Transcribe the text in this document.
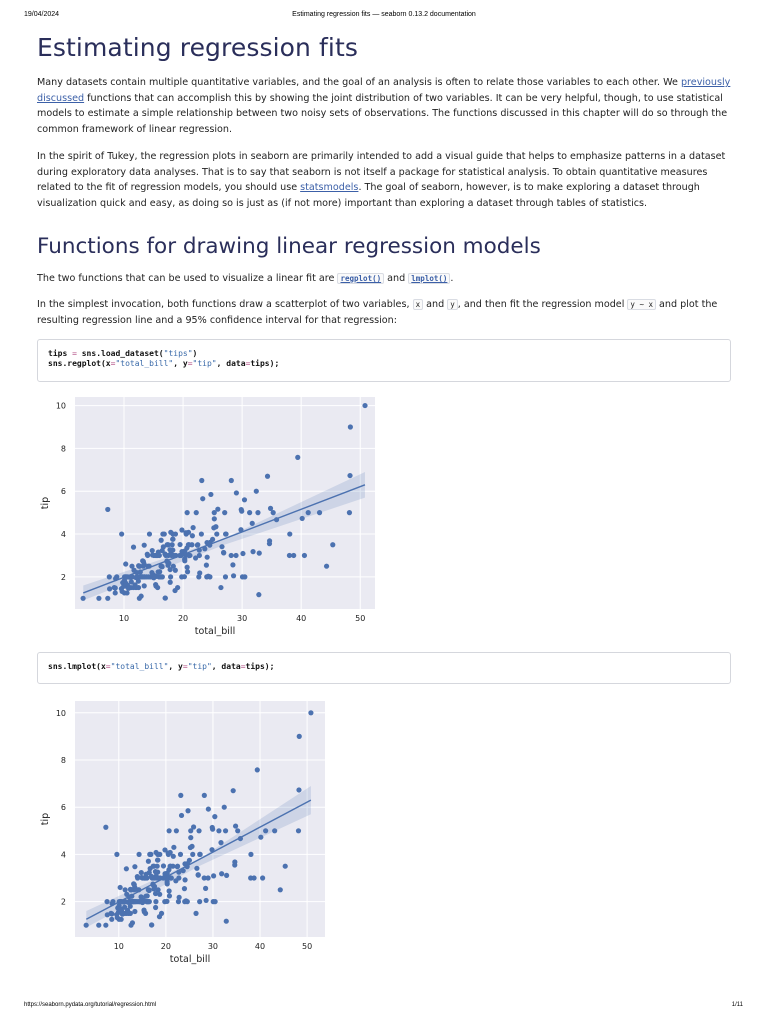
19/04/2024	Estimating regression fits — seaborn 0.13.2 documentation
Estimating regression fits

Many datasets contain multiple quantitative variables, and the goal of an analysis is often to relate those variables to each other. We previously discussed functions that can accomplish this by showing the joint distribution of two variables. It can be very helpful, though, to use statistical models to estimate a simple relationship between two noisy sets of observations. The functions discussed in this chapter will do so through the common framework of linear regression.

In the spirit of Tukey, the regression plots in seaborn are primarily intended to add a visual guide that helps to emphasize patterns in a dataset during exploratory data analyses. That is to say that seaborn is not itself a package for statistical analysis. To obtain quantitative measures related to the fit of regression models, you should use statsmodels. The goal of seaborn, however, is to make exploring a dataset through visualization quick and easy, as doing so is just as (if not more) important than exploring a dataset through tables of statistics.

Functions for drawing linear regression models

The two functions that can be used to visualize a linear fit are regplot() and lmplot() .

In the simplest invocation, both functions draw a scatterplot of two variables, x and y , and then fit the regression model y ~ x and plot the resulting regression line and a 95% confidence interval for that regression:

tips = sns.load_dataset("tips")
sns.regplot(x="total_bill", y="tip", data=tips);
sns.lmplot(x="total_bill", y="tip", data=tips);
10	20	30	40	50
2
4
6
8
10
total_bill
tip
10	20	30	40	50
2
4
6
8
10
total_bill
tip
https://seaborn.pydata.org/tutorial/regression.html	1/11
